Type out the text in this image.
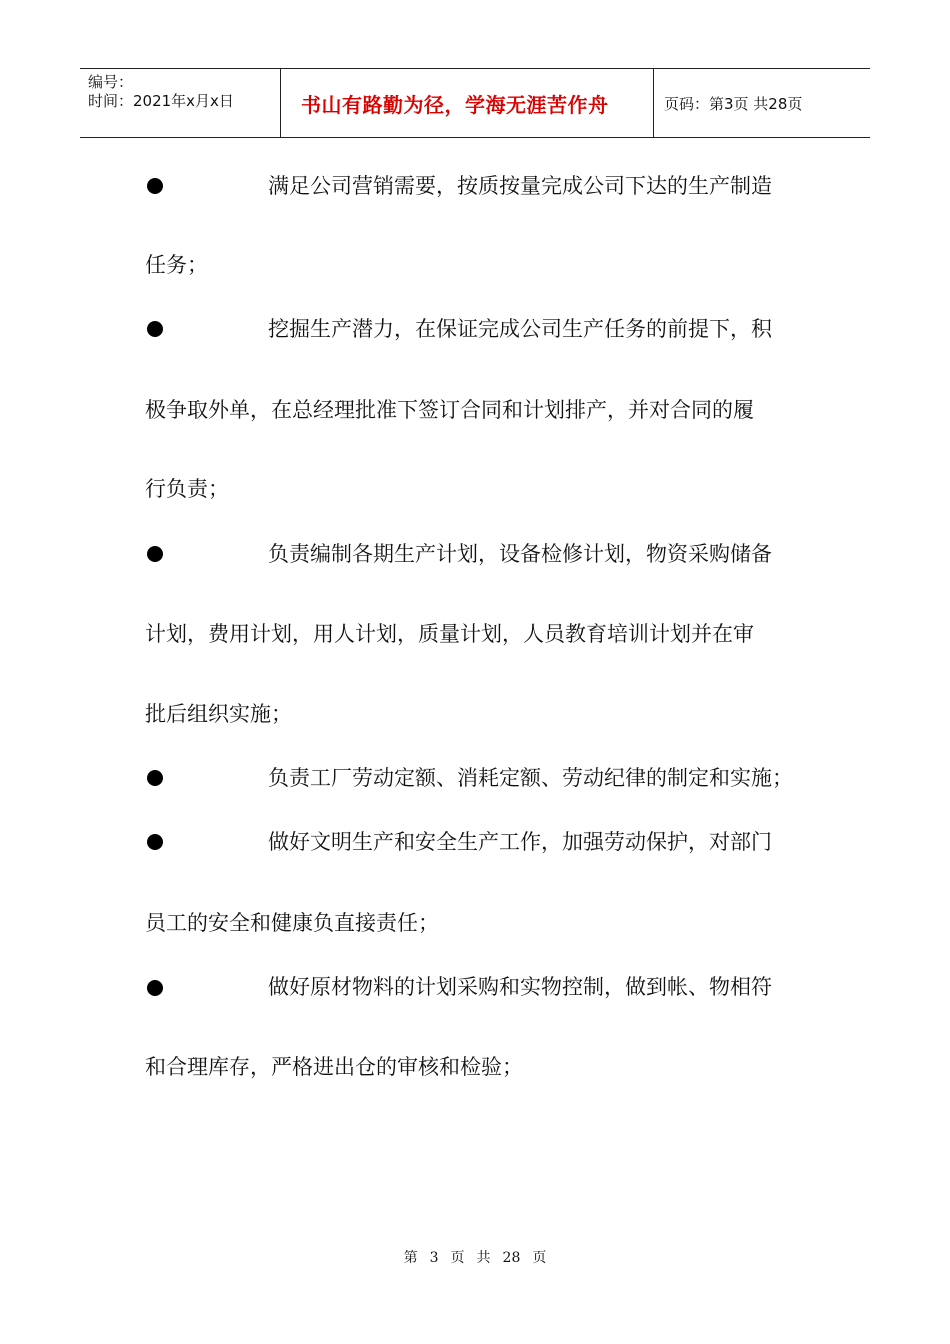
编号：
时间：2021年x月x日	书山有路勤为径，学海无涯苦作舟	页码：第3页 共28页
满足公司营销需要，按质按量完成公司下达的生产制造
任务；
挖掘生产潜力，在保证完成公司生产任务的前提下，积
极争取外单，在总经理批准下签订合同和计划排产，并对合同的履
行负责；
负责编制各期生产计划，设备检修计划，物资采购储备
计划，费用计划，用人计划，质量计划，人员教育培训计划并在审
批后组织实施；
负责工厂劳动定额、消耗定额、劳动纪律的制定和实施；
做好文明生产和安全生产工作，加强劳动保护，对部门
员工的安全和健康负直接责任；
做好原材物料的计划采购和实物控制，做到帐、物相符
和合理库存，严格进出仓的审核和检验；
第 3 页 共 28 页
